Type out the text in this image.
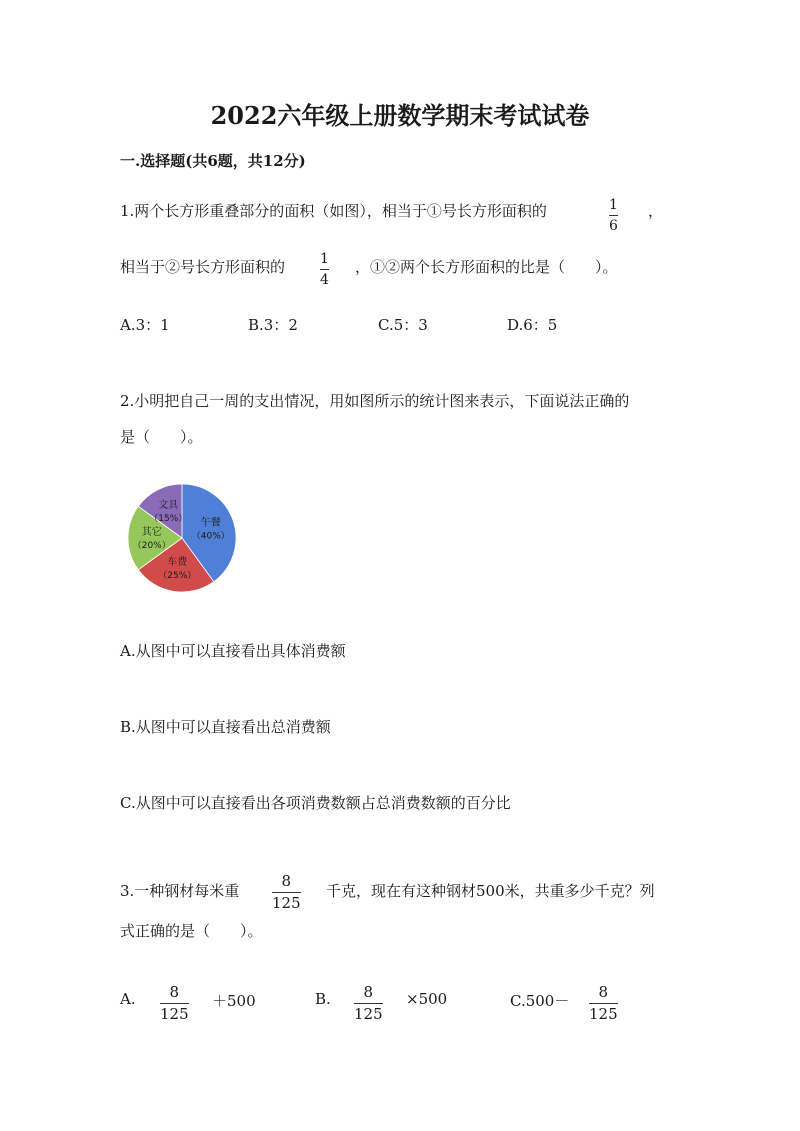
2022六年级上册数学期末考试试卷
一.选择题(共6题，共12分)
1.两个长方形重叠部分的面积（如图），相当于①号长方形面积的	$\frac{1}{6}$ ，
相当于②号长方形面积的 $\frac{1}{4}$ ，①②两个长方形面积的比是（　　）。
A.3：1	B.3：2	C.5：3	D.6：5
2.小明把自己一周的支出情况，用如图所示的统计图来表示，下面说法正确的
是（　　）。
午餐
（40%）
车费
（25%）
其它
（20%）
文具
（15%）
A.从图中可以直接看出具体消费额
B.从图中可以直接看出总消费额
C.从图中可以直接看出各项消费数额占总消费数额的百分比
3.一种钢材每米重 $\frac{8}{125}$ 千克，现在有这种钢材500米，共重多少千克？列
式正确的是（　　）。
A. $\frac{8}{125} +500$	B. $\frac{8}{125} \times 500$	$C.500- \frac{8}{125}$
